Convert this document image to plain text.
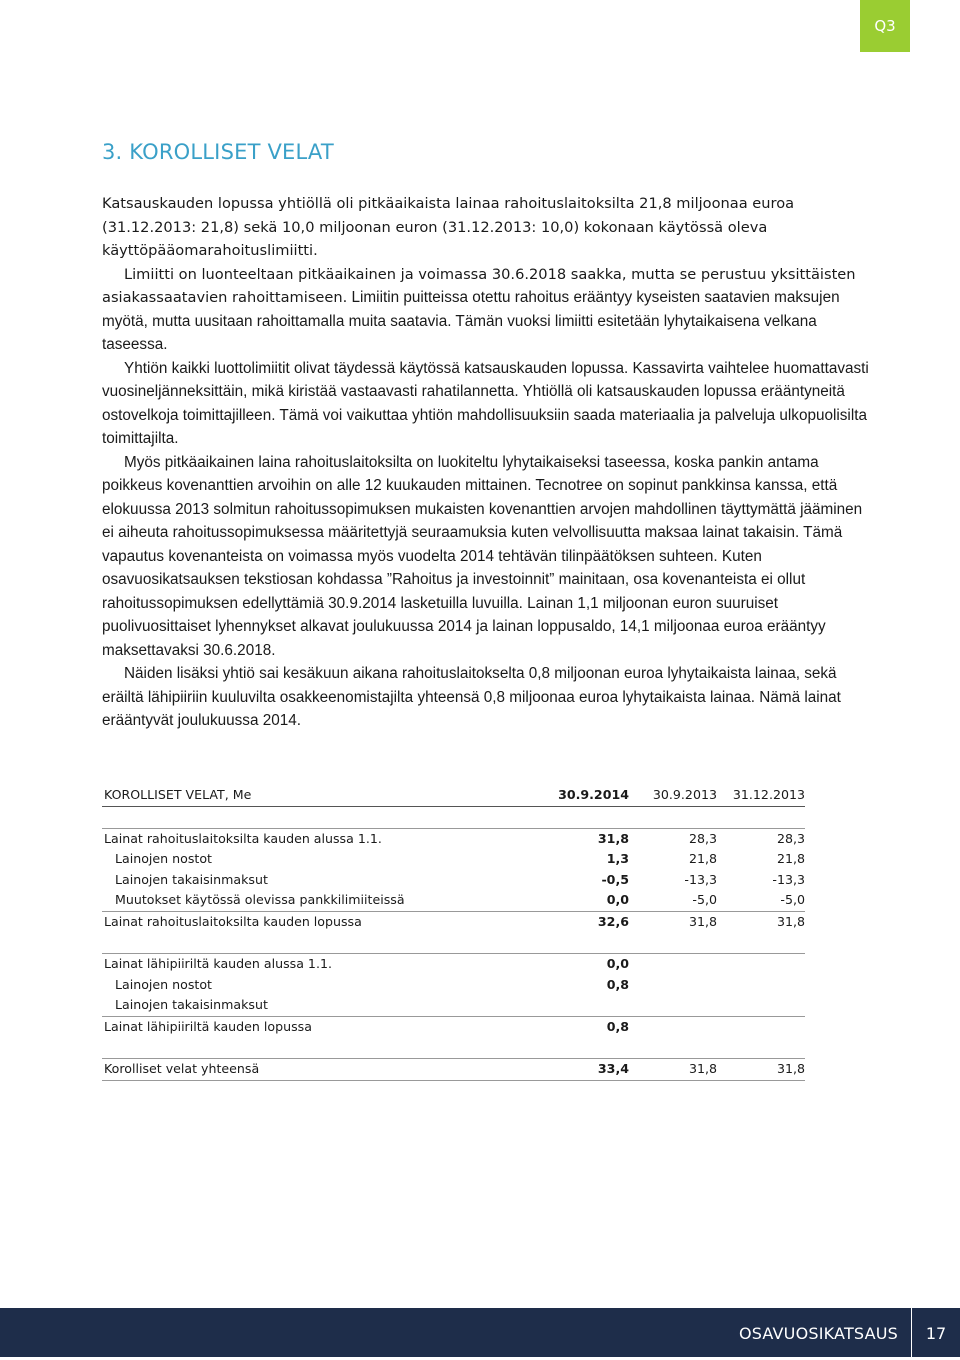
Q3
3. KOROLLISET VELAT

Katsauskauden lopussa yhtiöllä oli pitkäaikaista lainaa rahoituslaitoksilta 21,8 miljoonaa euroa (31.12.2013: 21,8) sekä 10,0 miljoonan euron (31.12.2013: 10,0) kokonaan käytössä oleva käyttöpääomarahoituslimiitti.

Limiitti on luonteeltaan pitkäaikainen ja voimassa 30.6.2018 saakka, mutta se perustuu yksittäisten asiakassaatavien rahoittamiseen. Limiitin puitteissa otettu rahoitus erääntyy kyseisten saatavien maksujen myötä, mutta uusitaan rahoittamalla muita saatavia. Tämän vuoksi limiitti esitetään lyhytaikaisena velkana taseessa.

Yhtiön kaikki luottolimiitit olivat täydessä käytössä katsauskauden lopussa. Kassavirta vaihtelee huomattavasti vuosineljänneksittäin, mikä kiristää vastaavasti rahatilannetta. Yhtiöllä oli katsauskauden lopussa erääntyneitä ostovelkoja toimittajilleen. Tämä voi vaikuttaa yhtiön mahdollisuuksiin saada materiaalia ja palveluja ulkopuolisilta toimittajilta.

Myös pitkäaikainen laina rahoituslaitoksilta on luokiteltu lyhytaikaiseksi taseessa, koska pankin antama poikkeus kovenanttien arvoihin on alle 12 kuukauden mittainen. Tecnotree on sopinut pankkinsa kanssa, että elokuussa 2013 solmitun rahoitussopimuksen mukaisten kovenanttien arvojen mahdollinen täyttymättä jääminen ei aiheuta rahoitussopimuksessa määritettyjä seuraamuksia kuten velvollisuutta maksaa lainat takaisin. Tämä vapautus kovenanteista on voimassa myös vuodelta 2014 tehtävän tilinpäätöksen suhteen. Kuten osavuosikatsauksen tekstiosan kohdassa ”Rahoitus ja investoinnit” mainitaan, osa kovenanteista ei ollut rahoitussopimuksen edellyttämiä 30.9.2014 lasketuilla luvuilla. Lainan 1,1 miljoonan euron suuruiset puolivuosittaiset lyhennykset alkavat joulukuussa 2014 ja lainan loppusaldo, 14,1 miljoonaa euroa erääntyy maksettavaksi 30.6.2018.

Näiden lisäksi yhtiö sai kesäkuun aikana rahoituslaitokselta 0,8 miljoonan euroa lyhytaikaista lainaa, sekä eräiltä lähipiiriin kuuluvilta osakkeenomistajilta yhteensä 0,8 miljoonaa euroa lyhytaikaista lainaa. Nämä lainat erääntyvät joulukuussa 2014.

KOROLLISET VELAT, Me	30.9.2014	30.9.2013	31.12.2013

Lainat rahoituslaitoksilta kauden alussa 1.1.	31,8	28,3	28,3
Lainojen nostot	1,3	21,8	21,8
Lainojen takaisinmaksut	-0,5	-13,3	-13,3
Muutokset käytössä olevissa pankkilimiiteissä	0,0	-5,0	-5,0
Lainat rahoituslaitoksilta kauden lopussa	32,6	31,8	31,8

Lainat lähipiiriltä kauden alussa 1.1.	0,0		
Lainojen nostot	0,8		
Lainojen takaisinmaksut			
Lainat lähipiiriltä kauden lopussa	0,8		

Korolliset velat yhteensä	33,4	31,8	31,8
OSAVUOSIKATSAUS	17
